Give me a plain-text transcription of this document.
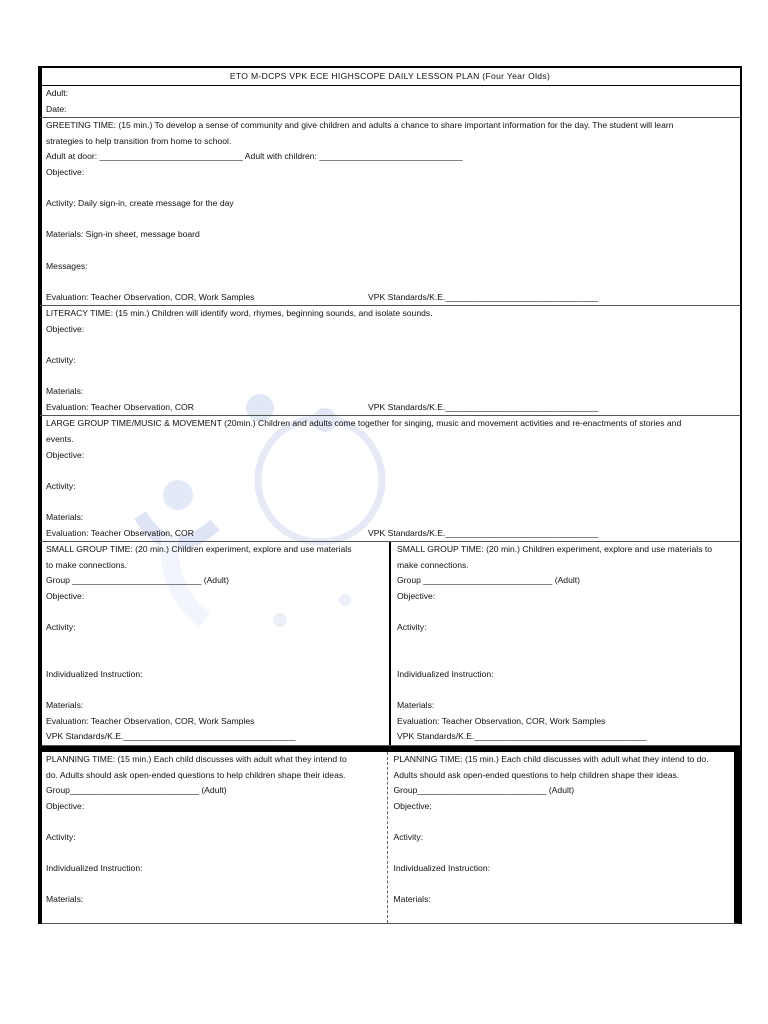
ETO M-DCPS VPK ECE HIGHSCOPE DAILY LESSON PLAN (Four Year Olds)
Adult:
Date:
GREETING TIME: (15 min.) To develop a sense of community and give children and adults a chance to share important information for the day. The student will learn
strategies to help transition from home to school.
Adult at door: ______________________________ Adult with children: ______________________________
Objective:
Activity: Daily sign-in, create message for the day
Materials: Sign-in sheet, message board
Messages:
Evaluation: Teacher Observation, COR, Work Samples	VPK Standards/K.E.________________________________
LITERACY TIME: (15 min.) Children will identify word, rhymes, beginning sounds, and isolate sounds.
Objective:
Activity:
Materials:
Evaluation: Teacher Observation, COR	VPK Standards/K.E.________________________________
LARGE GROUP TIME/MUSIC & MOVEMENT (20min.) Children and adults come together for singing, music and movement activities and re-enactments of stories and
events.
Objective:
Activity:
Materials:
Evaluation: Teacher Observation, COR	VPK Standards/K.E.________________________________
SMALL GROUP TIME: (20 min.) Children experiment, explore and use materials
to make connections.
Group ___________________________ (Adult)
Objective:
Activity:
Individualized Instruction:
Materials:
Evaluation: Teacher Observation, COR, Work Samples
VPK Standards/K.E.____________________________________
SMALL GROUP TIME: (20 min.) Children experiment, explore and use materials to
make connections.
Group ___________________________ (Adult)
Objective:
Activity:
Individualized Instruction:
Materials:
Evaluation: Teacher Observation, COR, Work Samples
VPK Standards/K.E.____________________________________
PLANNING TIME: (15 min.) Each child discusses with adult what they intend to
do. Adults should ask open-ended questions to help children shape their ideas.
Group___________________________ (Adult)
Objective:
Activity:
Individualized Instruction:
Materials:
PLANNING TIME: (15 min.) Each child discusses with adult what they intend to do.
Adults should ask open-ended questions to help children shape their ideas.
Group___________________________ (Adult)
Objective:
Activity:
Individualized Instruction:
Materials:
